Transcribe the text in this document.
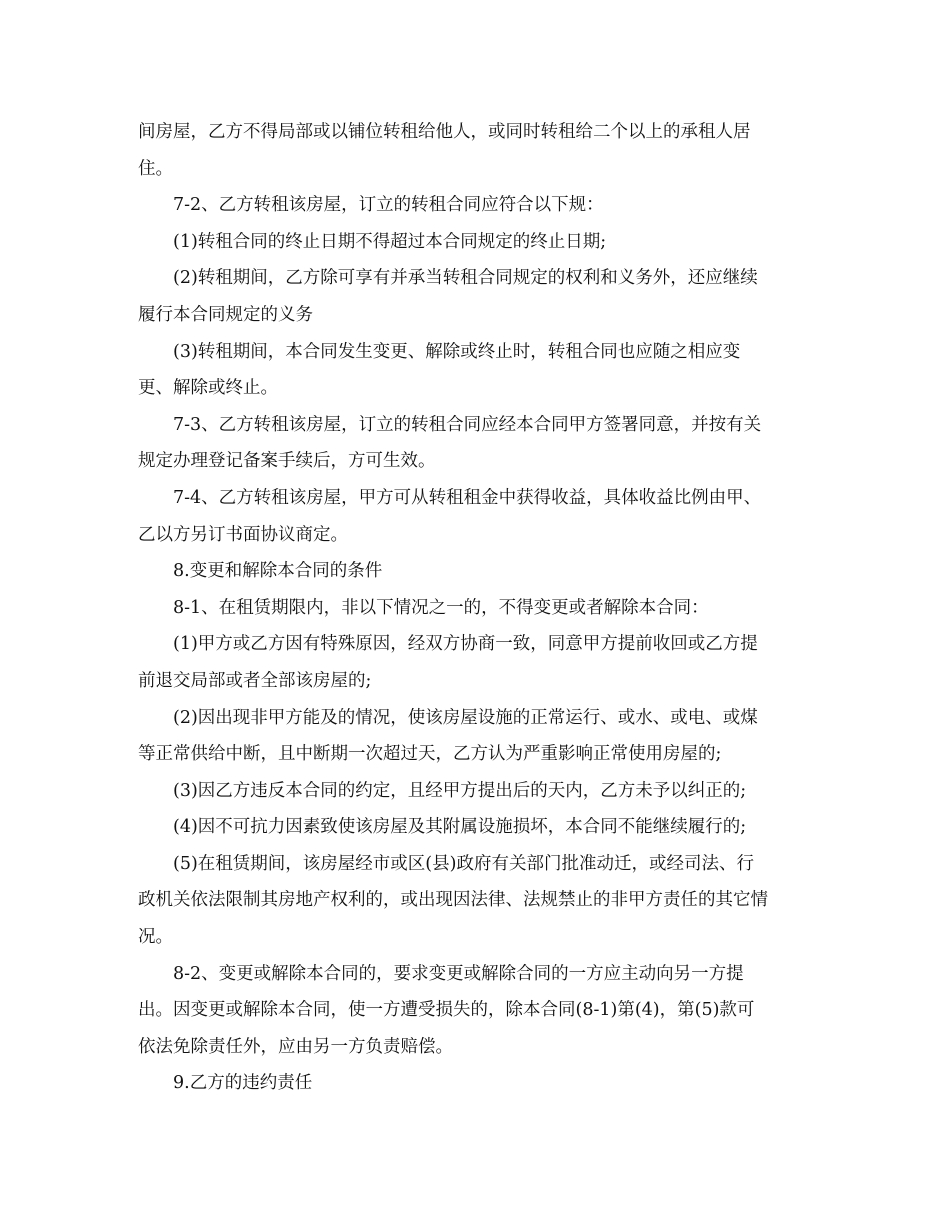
间房屋，乙方不得局部或以铺位转租给他人，或同时转租给二个以上的承租人居
住。
7-2、乙方转租该房屋，订立的转租合同应符合以下规：
(1)转租合同的终止日期不得超过本合同规定的终止日期;
(2)转租期间，乙方除可享有并承当转租合同规定的权利和义务外，还应继续
履行本合同规定的义务
(3)转租期间，本合同发生变更、解除或终止时，转租合同也应随之相应变
更、解除或终止。
7-3、乙方转租该房屋，订立的转租合同应经本合同甲方签署同意，并按有关
规定办理登记备案手续后，方可生效。
7-4、乙方转租该房屋，甲方可从转租租金中获得收益，具体收益比例由甲、
乙以方另订书面协议商定。
8.变更和解除本合同的条件
8-1、在租赁期限内，非以下情况之一的，不得变更或者解除本合同：
(1)甲方或乙方因有特殊原因，经双方协商一致，同意甲方提前收回或乙方提
前退交局部或者全部该房屋的;
(2)因出现非甲方能及的情况，使该房屋设施的正常运行、或水、或电、或煤
等正常供给中断，且中断期一次超过天，乙方认为严重影响正常使用房屋的;
(3)因乙方违反本合同的约定，且经甲方提出后的天内，乙方未予以纠正的;
(4)因不可抗力因素致使该房屋及其附属设施损坏，本合同不能继续履行的;
(5)在租赁期间，该房屋经市或区(县)政府有关部门批准动迁，或经司法、行
政机关依法限制其房地产权利的，或出现因法律、法规禁止的非甲方责任的其它情
况。
8-2、变更或解除本合同的，要求变更或解除合同的一方应主动向另一方提
出。因变更或解除本合同，使一方遭受损失的，除本合同(8-1)第(4)，第(5)款可
依法免除责任外，应由另一方负责赔偿。
9.乙方的违约责任
